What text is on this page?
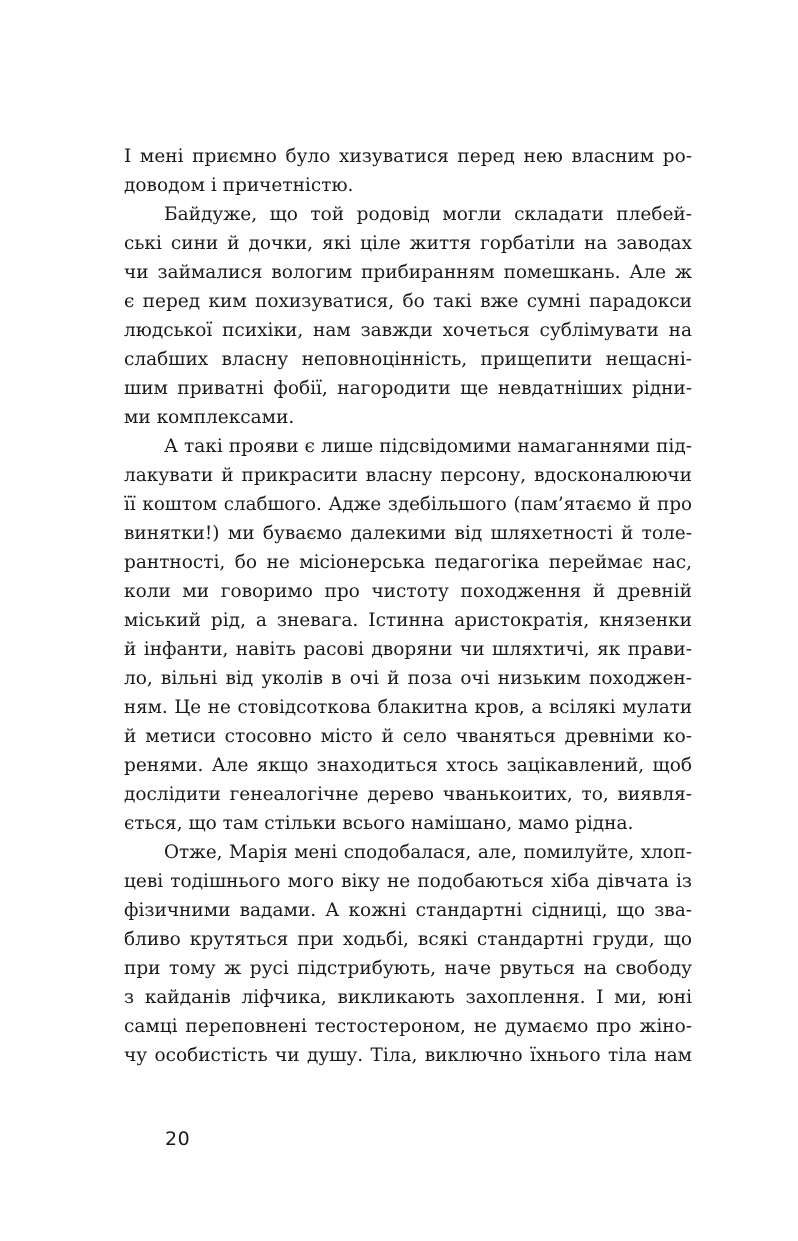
І мені приємно було хизуватися перед нею власним ро-
доводом і причетністю.
Байдуже, що той родовід могли складати плебей-
ські сини й дочки, які ціле життя горбатіли на заводах
чи займалися вологим прибиранням помешкань. Але ж
є перед ким похизуватися, бо такі вже сумні парадокси
людської психіки, нам завжди хочеться сублімувати на
слабших власну неповноцінність, прищепити нещасні-
шим приватні фобії, нагородити ще невдатніших рідни-
ми комплексами.
А такі прояви є лише підсвідомими намаганнями під-
лакувати й прикрасити власну персону, вдосконалюючи
її коштом слабшого. Адже здебільшого (пам’ятаємо й про
винятки!) ми буваємо далекими від шляхетності й толе-
рантності, бо не місіонерська педагогіка переймає нас,
коли ми говоримо про чистоту походження й древній
міський рід, а зневага. Істинна аристократія, князенки
й інфанти, навіть расові дворяни чи шляхтичі, як прави-
ло, вільні від уколів в очі й поза очі низьким походжен-
ням. Це не стовідсоткова блакитна кров, а всілякі мулати
й метиси стосовно місто й село чваняться древніми ко-
ренями. Але якщо знаходиться хтось зацікавлений, щоб
дослідити генеалогічне дерево чванькоитих, то, виявля-
ється, що там стільки всього намішано, мамо рідна.
Отже, Марія мені сподобалася, але, помилуйте, хлоп-
цеві тодішнього мого віку не подобаються хіба дівчата із
фізичними вадами. А кожні стандартні сідниці, що зва-
бливо крутяться при ходьбі, всякі стандартні груди, що
при тому ж русі підстрибують, наче рвуться на свободу
з кайданів ліфчика, викликають захоплення. І ми, юні
самці переповнені тестостероном, не думаємо про жіно-
чу особистість чи душу. Тіла, виключно їхнього тіла нам
20
